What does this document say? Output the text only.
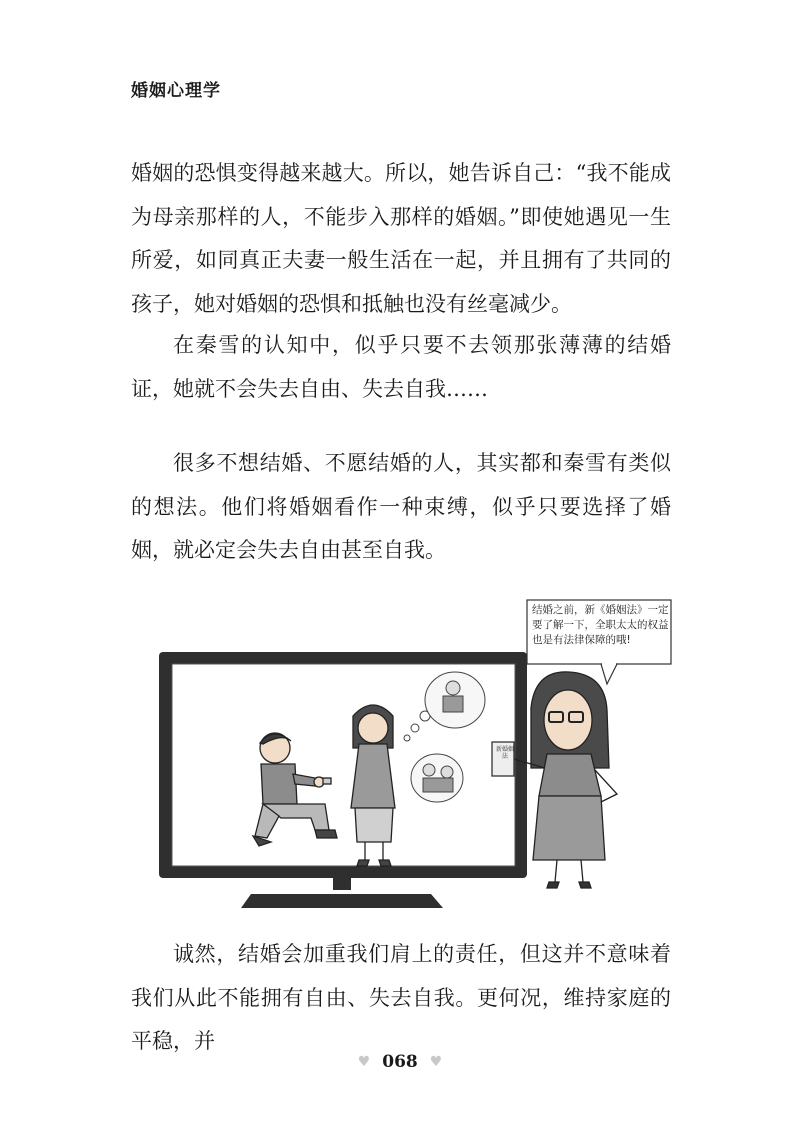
婚姻心理学

婚姻的恐惧变得越来越大。所以，她告诉自己：“我不能成为母亲那样的人，不能步入那样的婚姻。”即使她遇见一生所爱，如同真正夫妻一般生活在一起，并且拥有了共同的孩子，她对婚姻的恐惧和抵触也没有丝毫减少。

在秦雪的认知中，似乎只要不去领那张薄薄的结婚证，她就不会失去自由、失去自我……

很多不想结婚、不愿结婚的人，其实都和秦雪有类似的想法。他们将婚姻看作一种束缚，似乎只要选择了婚姻，就必定会失去自由甚至自我。

结婚之前，新《婚姻法》一定要了解一下，全职太太的权益也是有法律保障的哦!
新婚姻法

诚然，结婚会加重我们肩上的责任，但这并不意味着我们从此不能拥有自由、失去自我。更何况，维持家庭的平稳，并

♥ 068 ♥
